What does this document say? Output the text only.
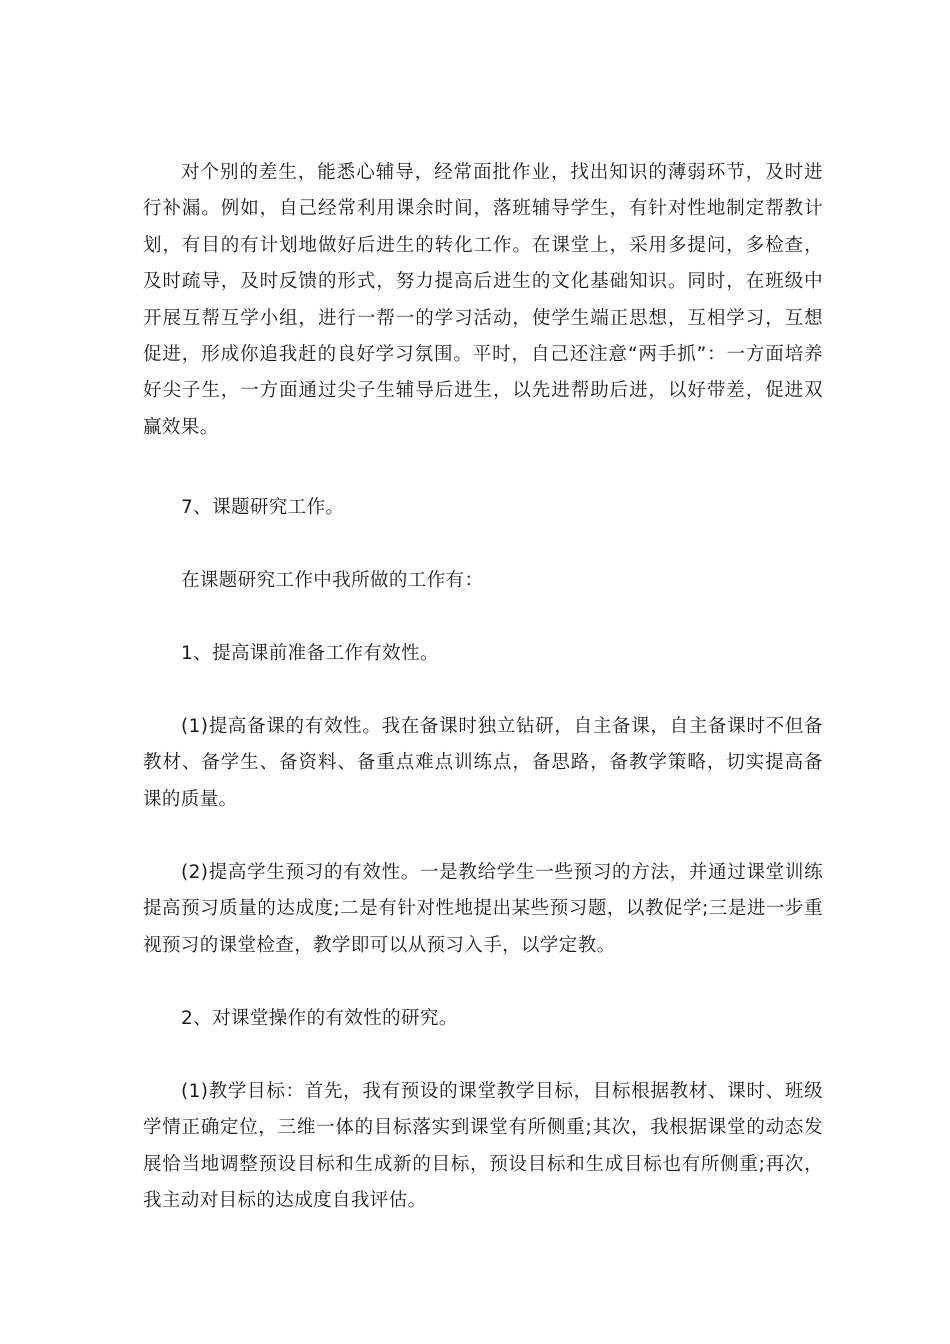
对个别的差生，能悉心辅导，经常面批作业，找出知识的薄弱环节，及时进行补漏。例如，自己经常利用课余时间，落班辅导学生，有针对性地制定帮教计划，有目的有计划地做好后进生的转化工作。在课堂上，采用多提问，多检查，及时疏导，及时反馈的形式，努力提高后进生的文化基础知识。同时，在班级中开展互帮互学小组，进行一帮一的学习活动，使学生端正思想，互相学习，互想促进，形成你追我赶的良好学习氛围。平时，自己还注意“两手抓”：一方面培养好尖子生，一方面通过尖子生辅导后进生，以先进帮助后进，以好带差，促进双赢效果。

7、课题研究工作。

在课题研究工作中我所做的工作有：

1、提高课前准备工作有效性。

(1)提高备课的有效性。我在备课时独立钻研，自主备课，自主备课时不但备教材、备学生、备资料、备重点难点训练点，备思路，备教学策略，切实提高备课的质量。

(2)提高学生预习的有效性。一是教给学生一些预习的方法，并通过课堂训练提高预习质量的达成度;二是有针对性地提出某些预习题，以教促学;三是进一步重视预习的课堂检查，教学即可以从预习入手，以学定教。

2、对课堂操作的有效性的研究。

(1)教学目标：首先，我有预设的课堂教学目标，目标根据教材、课时、班级学情正确定位，三维一体的目标落实到课堂有所侧重;其次，我根据课堂的动态发展恰当地调整预设目标和生成新的目标，预设目标和生成目标也有所侧重;再次，我主动对目标的达成度自我评估。
